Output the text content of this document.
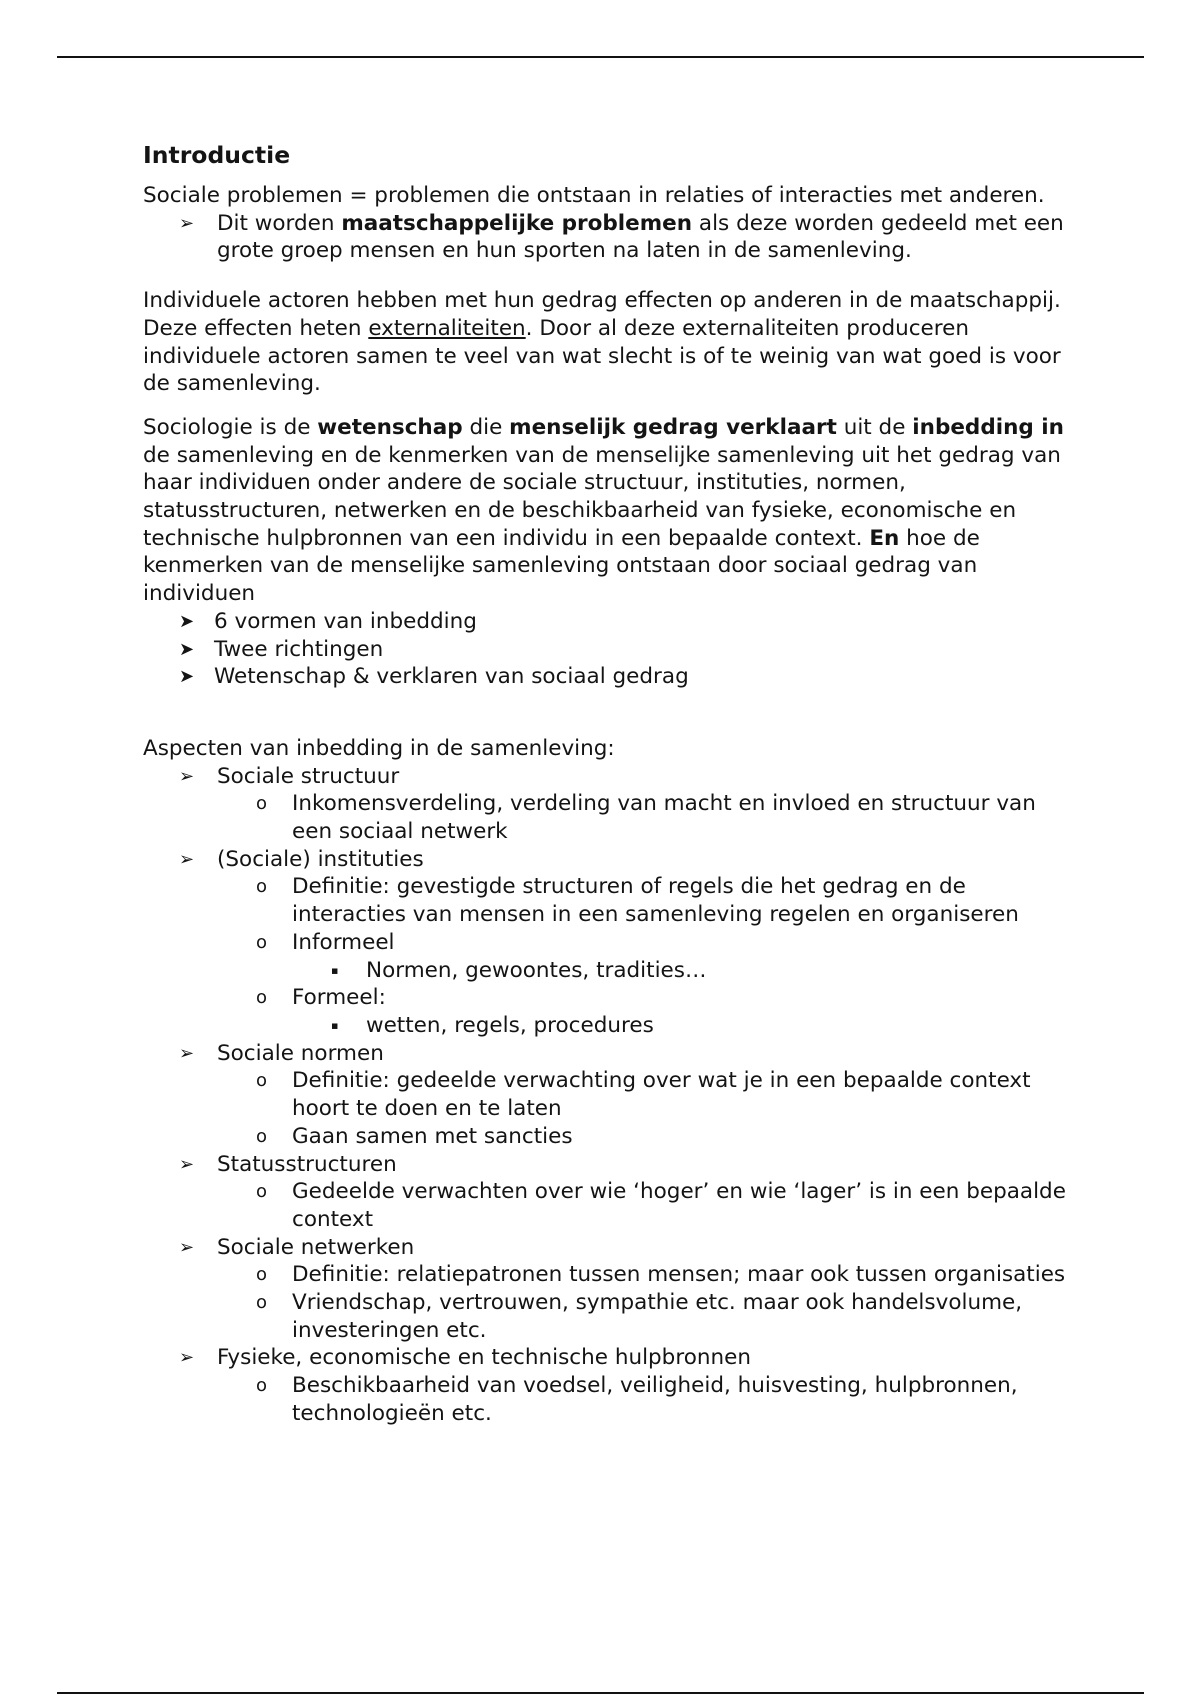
Introductie

Sociale problemen = problemen die ontstaan in relaties of interacties met anderen.

➢ Dit worden maatschappelijke problemen als deze worden gedeeld met een grote groep mensen en hun sporten na laten in de samenleving.

Individuele actoren hebben met hun gedrag effecten op anderen in de maatschappij. Deze effecten heten externaliteiten. Door al deze externaliteiten produceren individuele actoren samen te veel van wat slecht is of te weinig van wat goed is voor de samenleving.

Sociologie is de wetenschap die menselijk gedrag verklaart uit de inbedding in de samenleving en de kenmerken van de menselijke samenleving uit het gedrag van haar individuen onder andere de sociale structuur, instituties, normen, statusstructuren, netwerken en de beschikbaarheid van fysieke, economische en technische hulpbronnen van een individu in een bepaalde context. En hoe de kenmerken van de menselijke samenleving ontstaan door sociaal gedrag van individuen

➤ 6 vormen van inbedding
➤ Twee richtingen
➤ Wetenschap & verklaren van sociaal gedrag

Aspecten van inbedding in de samenleving:

➢ Sociale structuur
o Inkomensverdeling, verdeling van macht en invloed en structuur van een sociaal netwerk
➢ (Sociale) instituties
o Definitie: gevestigde structuren of regels die het gedrag en de interacties van mensen in een samenleving regelen en organiseren
o Informeel
▪ Normen, gewoontes, tradities…
o Formeel:
▪ wetten, regels, procedures
➢ Sociale normen
o Definitie: gedeelde verwachting over wat je in een bepaalde context hoort te doen en te laten
o Gaan samen met sancties
➢ Statusstructuren
o Gedeelde verwachten over wie ‘hoger’ en wie ‘lager’ is in een bepaalde context
➢ Sociale netwerken
o Definitie: relatiepatronen tussen mensen; maar ook tussen organisaties
o Vriendschap, vertrouwen, sympathie etc. maar ook handelsvolume, investeringen etc.
➢ Fysieke, economische en technische hulpbronnen
o Beschikbaarheid van voedsel, veiligheid, huisvesting, hulpbronnen, technologieën etc.
